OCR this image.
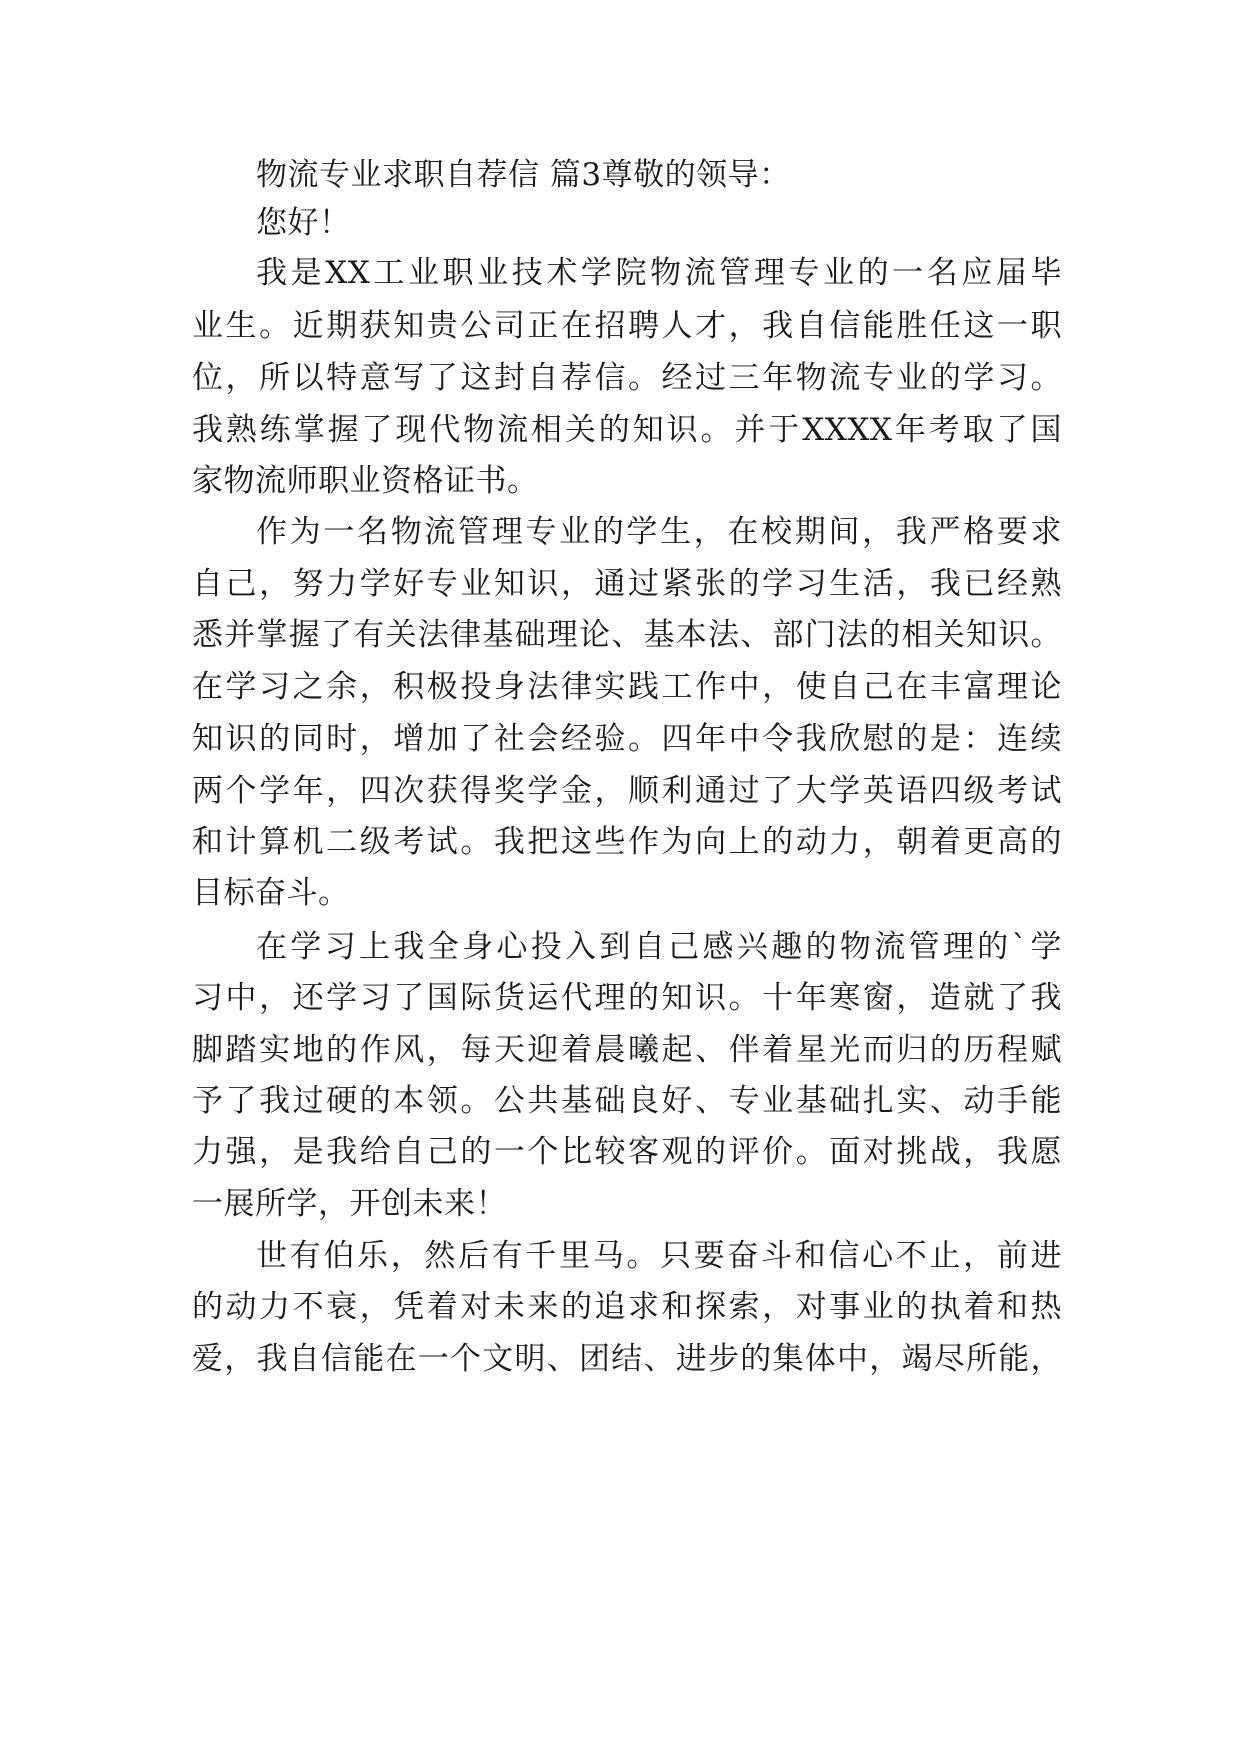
物流专业求职自荐信 篇3尊敬的领导：
您好！
我是XX工业职业技术学院物流管理专业的一名应届毕
业生。近期获知贵公司正在招聘人才，我自信能胜任这一职
位，所以特意写了这封自荐信。经过三年物流专业的学习。
我熟练掌握了现代物流相关的知识。并于XXXX年考取了国
家物流师职业资格证书。
作为一名物流管理专业的学生，在校期间，我严格要求
自己，努力学好专业知识，通过紧张的学习生活，我已经熟
悉并掌握了有关法律基础理论、基本法、部门法的相关知识。
在学习之余，积极投身法律实践工作中，使自己在丰富理论
知识的同时，增加了社会经验。四年中令我欣慰的是：连续
两个学年，四次获得奖学金，顺利通过了大学英语四级考试
和计算机二级考试。我把这些作为向上的动力，朝着更高的
目标奋斗。
在学习上我全身心投入到自己感兴趣的物流管理的`学
习中，还学习了国际货运代理的知识。十年寒窗，造就了我
脚踏实地的作风，每天迎着晨曦起、伴着星光而归的历程赋
予了我过硬的本领。公共基础良好、专业基础扎实、动手能
力强，是我给自己的一个比较客观的评价。面对挑战，我愿
一展所学，开创未来！
世有伯乐，然后有千里马。只要奋斗和信心不止，前进
的动力不衰，凭着对未来的追求和探索，对事业的执着和热
爱，我自信能在一个文明、团结、进步的集体中，竭尽所能，
